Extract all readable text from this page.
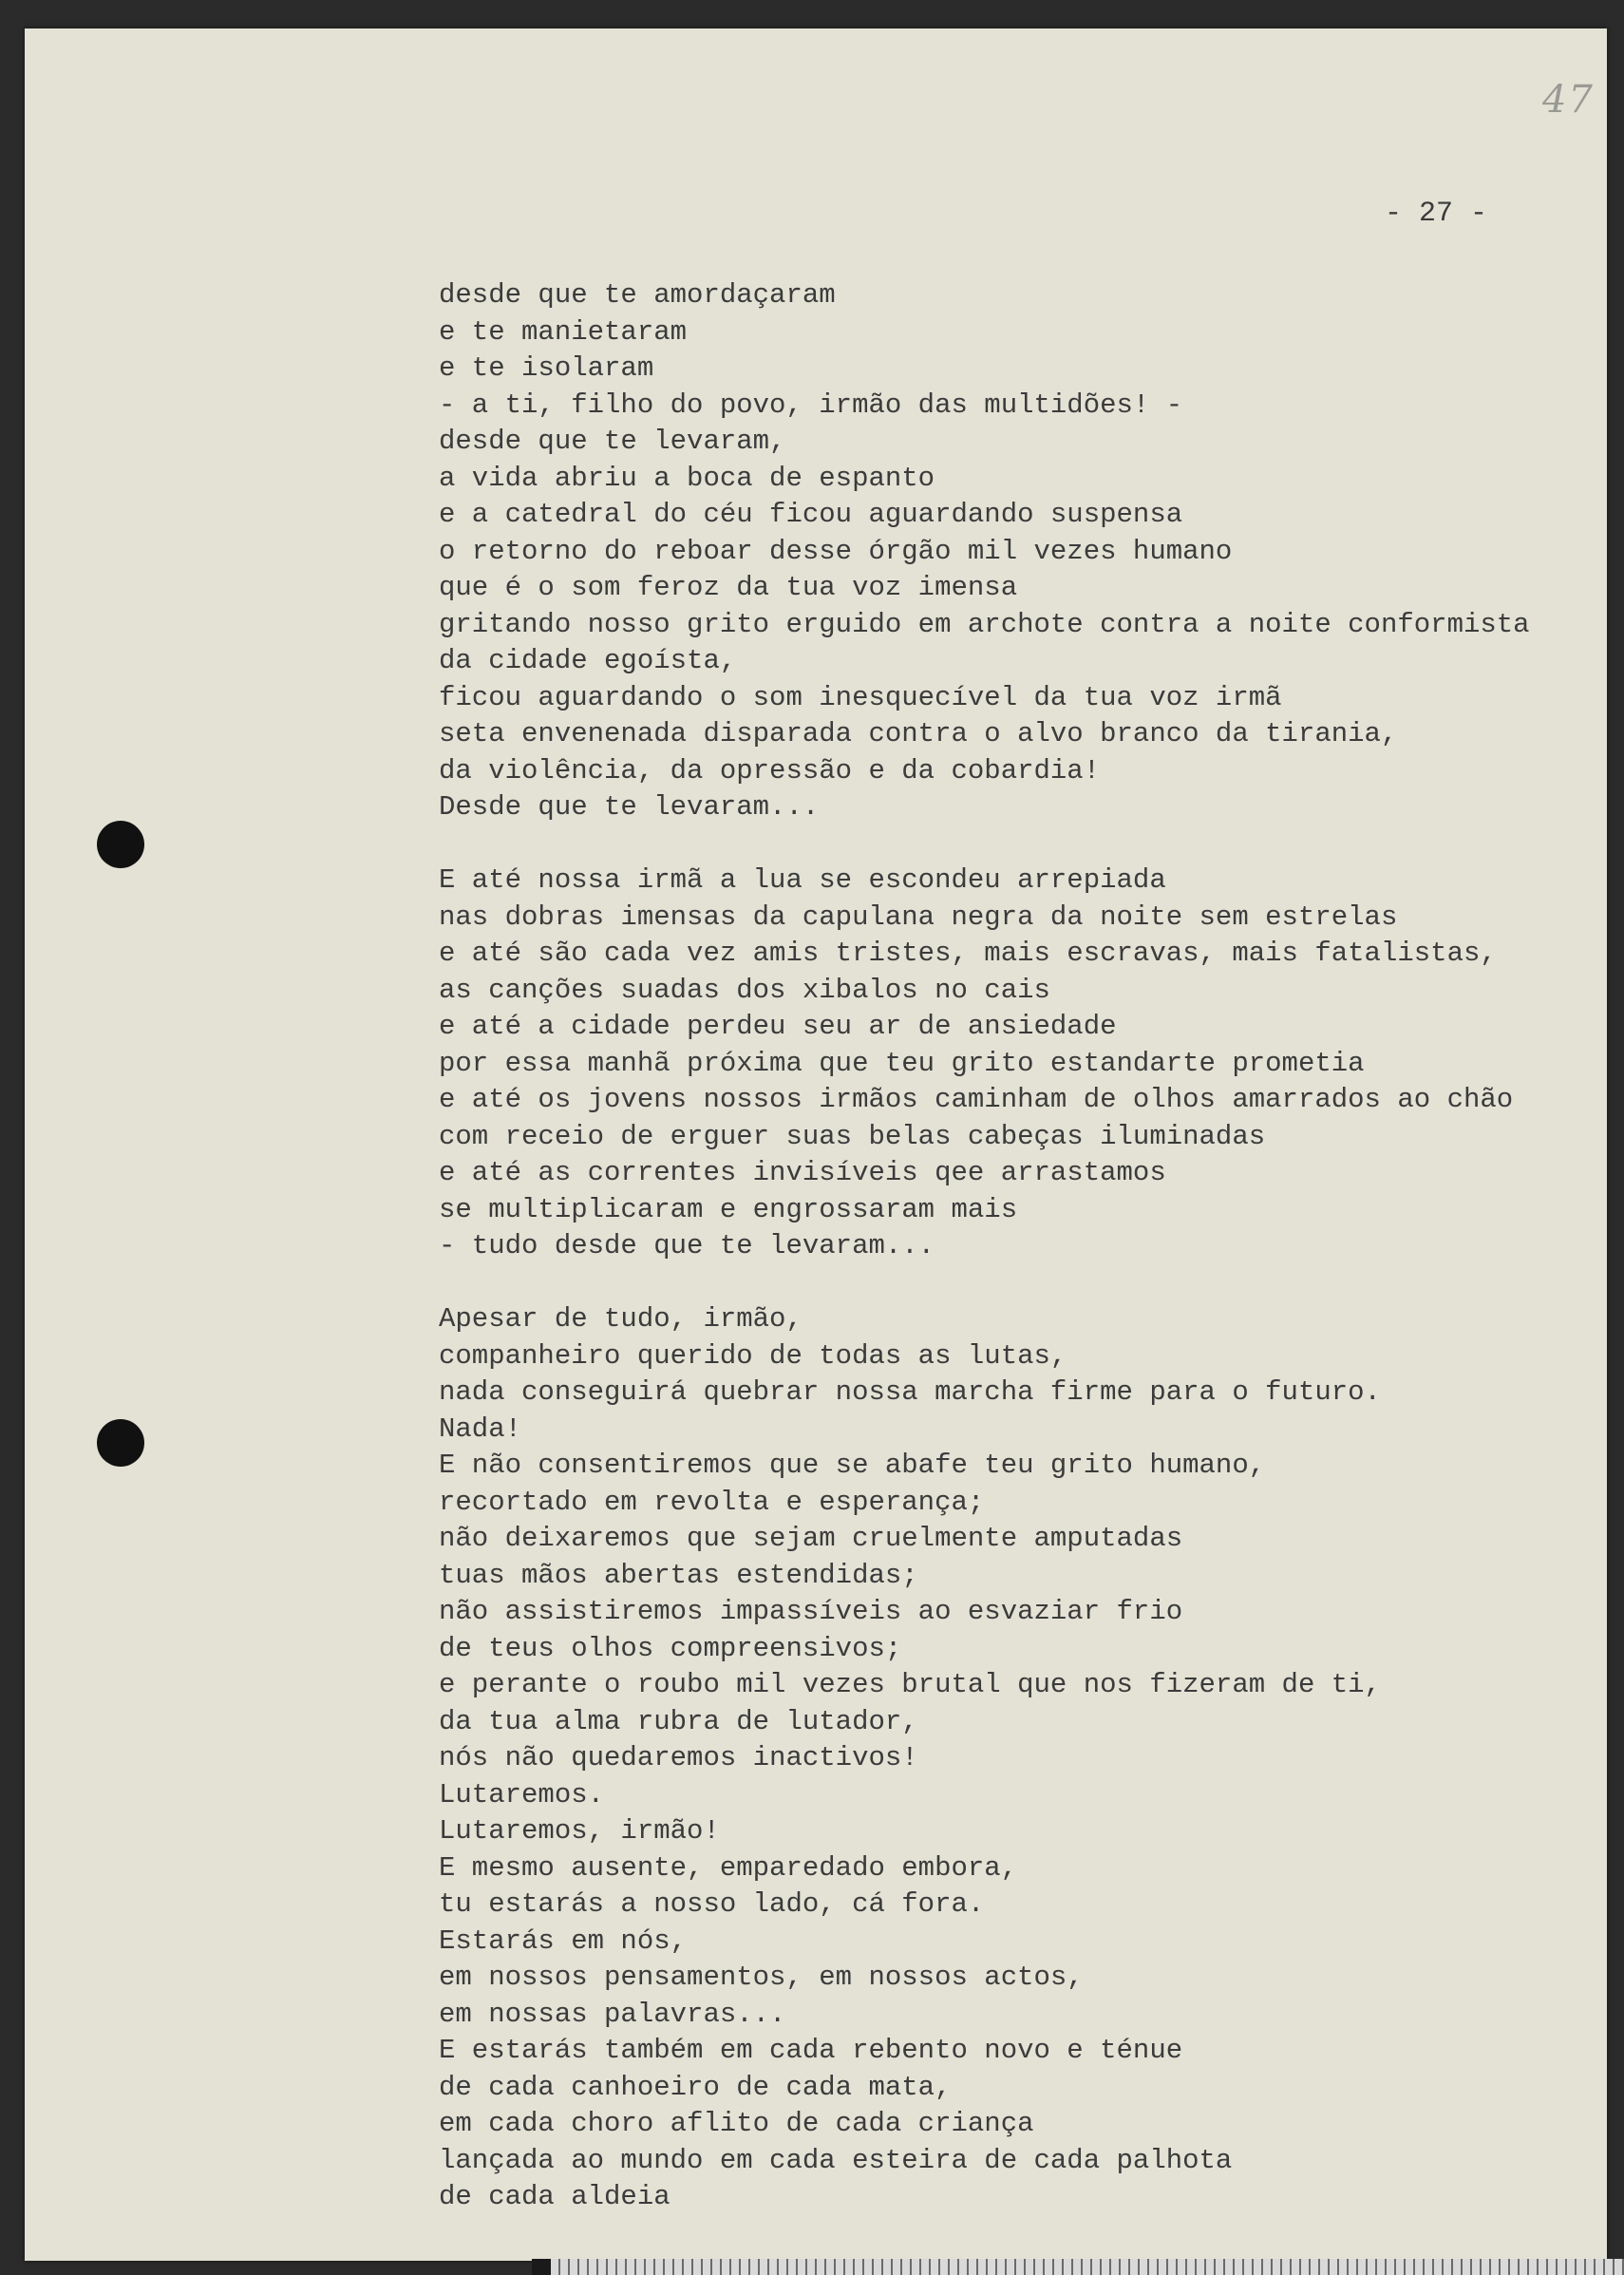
47
- 27 -
desde que te amordaçaram
e te manietaram
e te isolaram
- a ti, filho do povo, irmão das multidões! -
desde que te levaram,
a vida abriu a boca de espanto
e a catedral do céu ficou aguardando suspensa
o retorno do reboar desse órgão mil vezes humano
que é o som feroz da tua voz imensa
gritando nosso grito erguido em archote contra a noite conformista
da cidade egoísta,
ficou aguardando o som inesquecível da tua voz irmã
seta envenenada disparada contra o alvo branco da tirania,
da violência, da opressão e da cobardia!
Desde que te levaram...
E até nossa irmã a lua se escondeu arrepiada
nas dobras imensas da capulana negra da noite sem estrelas
e até são cada vez amis tristes, mais escravas, mais fatalistas,
as canções suadas dos xibalos no cais
e até a cidade perdeu seu ar de ansiedade
por essa manhã próxima que teu grito estandarte prometia
e até os jovens nossos irmãos caminham de olhos amarrados ao chão
com receio de erguer suas belas cabeças iluminadas
e até as correntes invisíveis qee arrastamos
se multiplicaram e engrossaram mais
- tudo desde que te levaram...
Apesar de tudo, irmão,
companheiro querido de todas as lutas,
nada conseguirá quebrar nossa marcha firme para o futuro.
Nada!
E não consentiremos que se abafe teu grito humano,
recortado em revolta e esperança;
não deixaremos que sejam cruelmente amputadas
tuas mãos abertas estendidas;
não assistiremos impassíveis ao esvaziar frio
de teus olhos compreensivos;
e perante o roubo mil vezes brutal que nos fizeram de ti,
da tua alma rubra de lutador,
nós não quedaremos inactivos!
Lutaremos.
Lutaremos, irmão!
E mesmo ausente, emparedado embora,
tu estarás a nosso lado, cá fora.
Estarás em nós,
em nossos pensamentos, em nossos actos,
em nossas palavras...
E estarás também em cada rebento novo e ténue
de cada canhoeiro de cada mata,
em cada choro aflito de cada criança
lançada ao mundo em cada esteira de cada palhota
de cada aldeia
